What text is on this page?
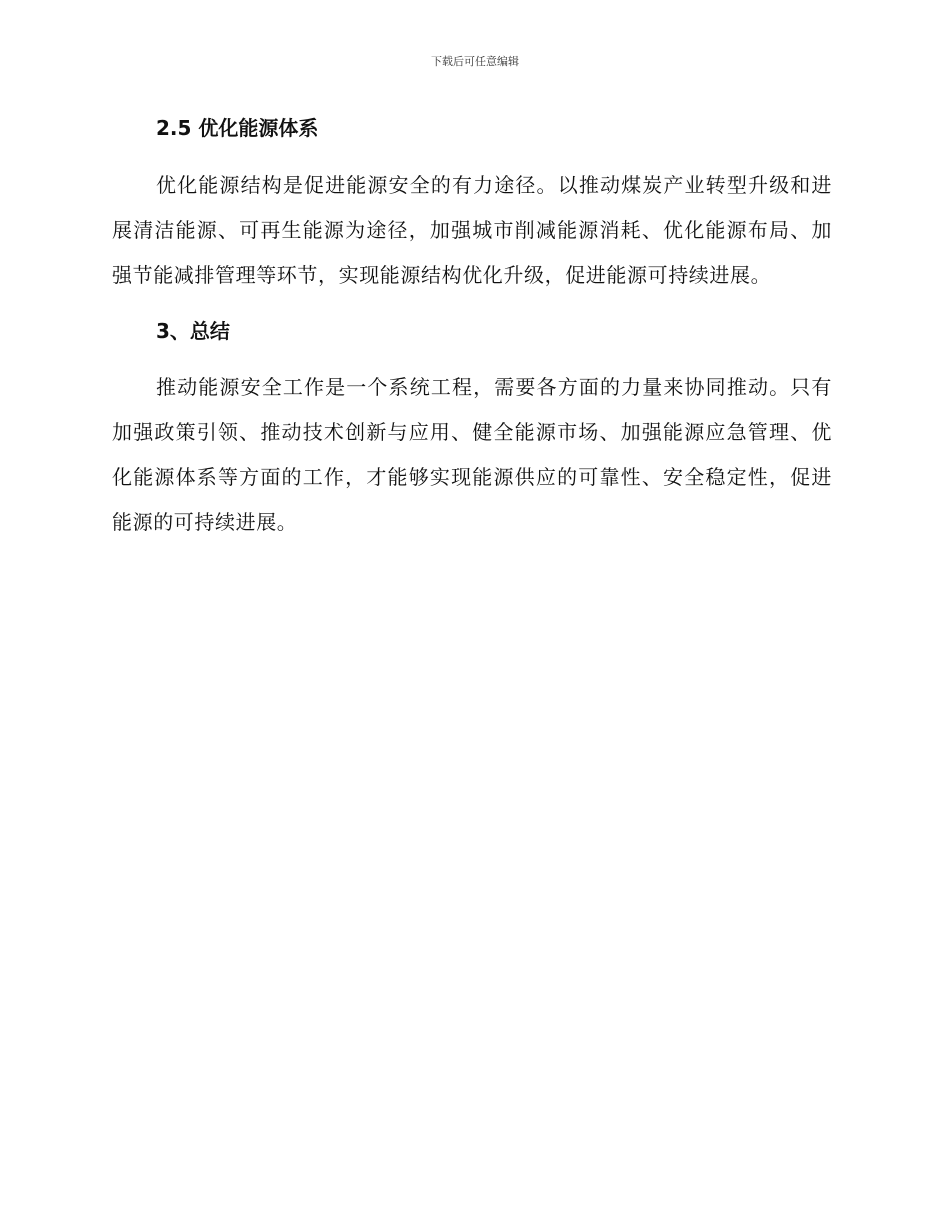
下载后可任意编辑
2.5 优化能源体系

优化能源结构是促进能源安全的有力途径。以推动煤炭产业转型升级和进展清洁能源、可再生能源为途径，加强城市削减能源消耗、优化能源布局、加强节能减排管理等环节，实现能源结构优化升级，促进能源可持续进展。

3、总结

推动能源安全工作是一个系统工程，需要各方面的力量来协同推动。只有加强政策引领、推动技术创新与应用、健全能源市场、加强能源应急管理、优化能源体系等方面的工作，才能够实现能源供应的可靠性、安全稳定性，促进能源的可持续进展。
